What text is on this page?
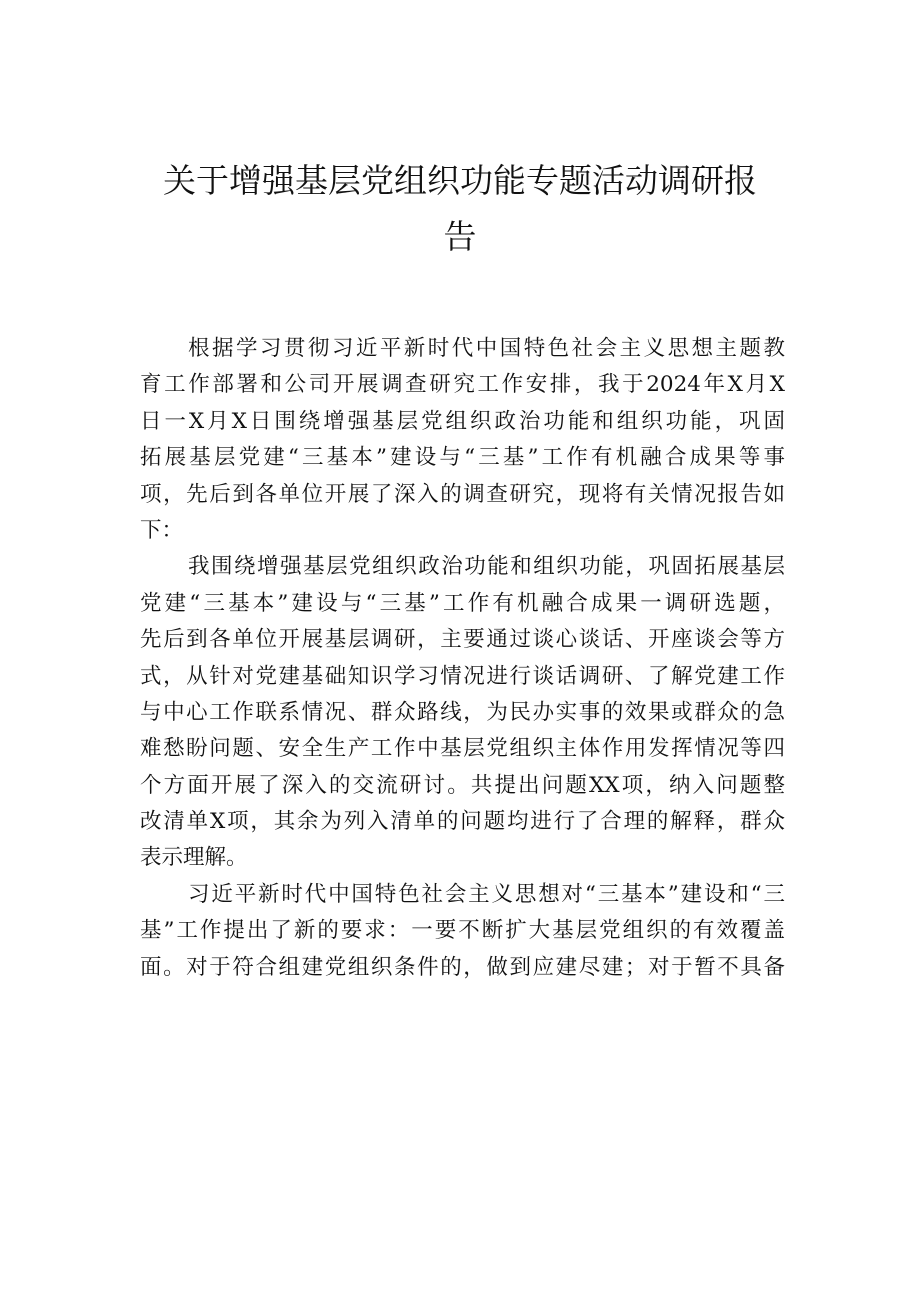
关于增强基层党组织功能专题活动调研报
告
根据学习贯彻习近平新时代中国特色社会主义思想主题教
育工作部署和公司开展调查研究工作安排，我于2024年X月X
日一X月X日围绕增强基层党组织政治功能和组织功能，巩固
拓展基层党建“三基本”建设与“三基”工作有机融合成果等事
项，先后到各单位开展了深入的调查研究，现将有关情况报告如
下：
我围绕增强基层党组织政治功能和组织功能，巩固拓展基层
党建“三基本”建设与“三基”工作有机融合成果一调研选题，
先后到各单位开展基层调研，主要通过谈心谈话、开座谈会等方
式，从针对党建基础知识学习情况进行谈话调研、了解党建工作
与中心工作联系情况、群众路线，为民办实事的效果或群众的急
难愁盼问题、安全生产工作中基层党组织主体作用发挥情况等四
个方面开展了深入的交流研讨。共提出问题XX项，纳入问题整
改清单X项，其余为列入清单的问题均进行了合理的解释，群众
表示理解。
习近平新时代中国特色社会主义思想对“三基本”建设和“三
基”工作提出了新的要求：一要不断扩大基层党组织的有效覆盖
面。对于符合组建党组织条件的，做到应建尽建；对于暂不具备
